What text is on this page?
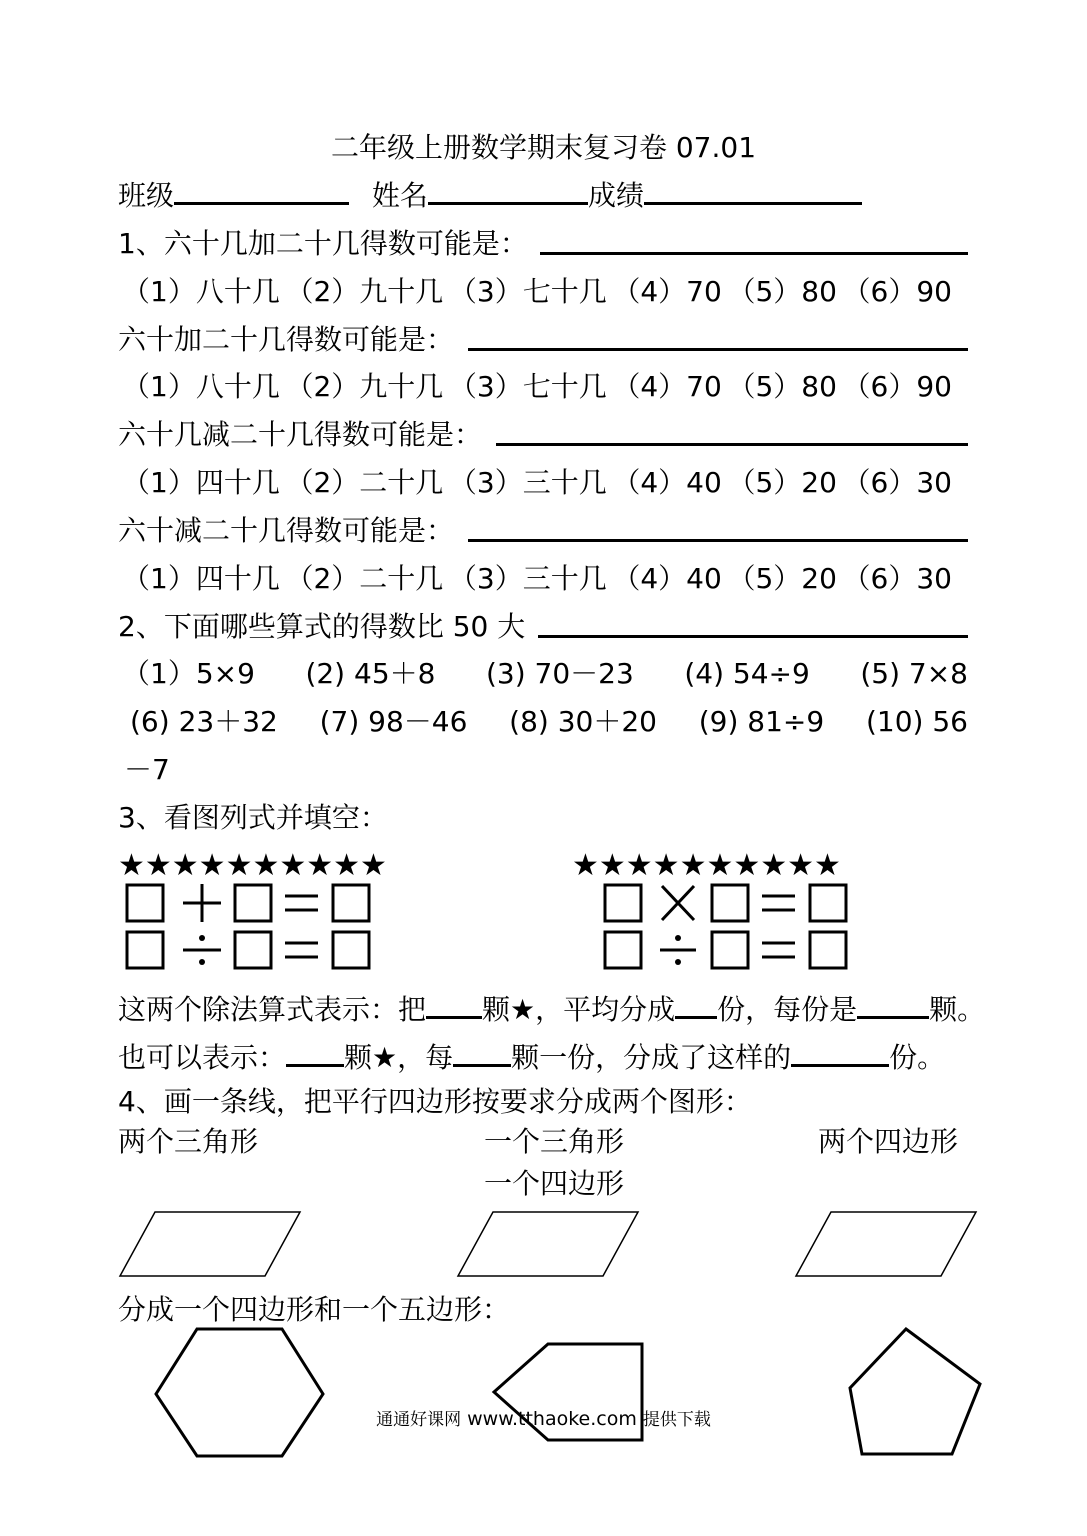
二年级上册数学期末复习卷 07.01
班级	姓名	成绩
1、六十几加二十几得数可能是：
（1）八十几 （2）九十几 （3）七十几 （4）70 （5）80 （6）90
六十加二十几得数可能是：
（1）八十几 （2）九十几 （3）七十几 （4）70 （5）80 （6）90
六十几减二十几得数可能是：
（1）四十几 （2）二十几 （3）三十几 （4）40 （5）20 （6）30
六十减二十几得数可能是：
（1）四十几 （2）二十几 （3）三十几 （4）40 （5）20 （6）30
2、下面哪些算式的得数比 50 大
（1）5×9 (2) 45＋8 (3) 70－23 (4) 54÷9 (5) 7×8
(6) 23＋32 (7) 98－46 (8) 30＋20 (9) 81÷9 (10) 56
－7
3、看图列式并填空：
★★★★★★★★★★	★★★★★★★★★★
这两个除法算式表示：把 颗★，平均分成 份，每份是	颗。
也可以表示： 颗★，每 颗一份，分成了这样的	份。
4、画一条线，把平行四边形按要求分成两个图形：
两个三角形	一个三角形
一个四边形
两个四边形
分成一个四边形和一个五边形：
通通好课网 www.tthaoke.com 提供下载
